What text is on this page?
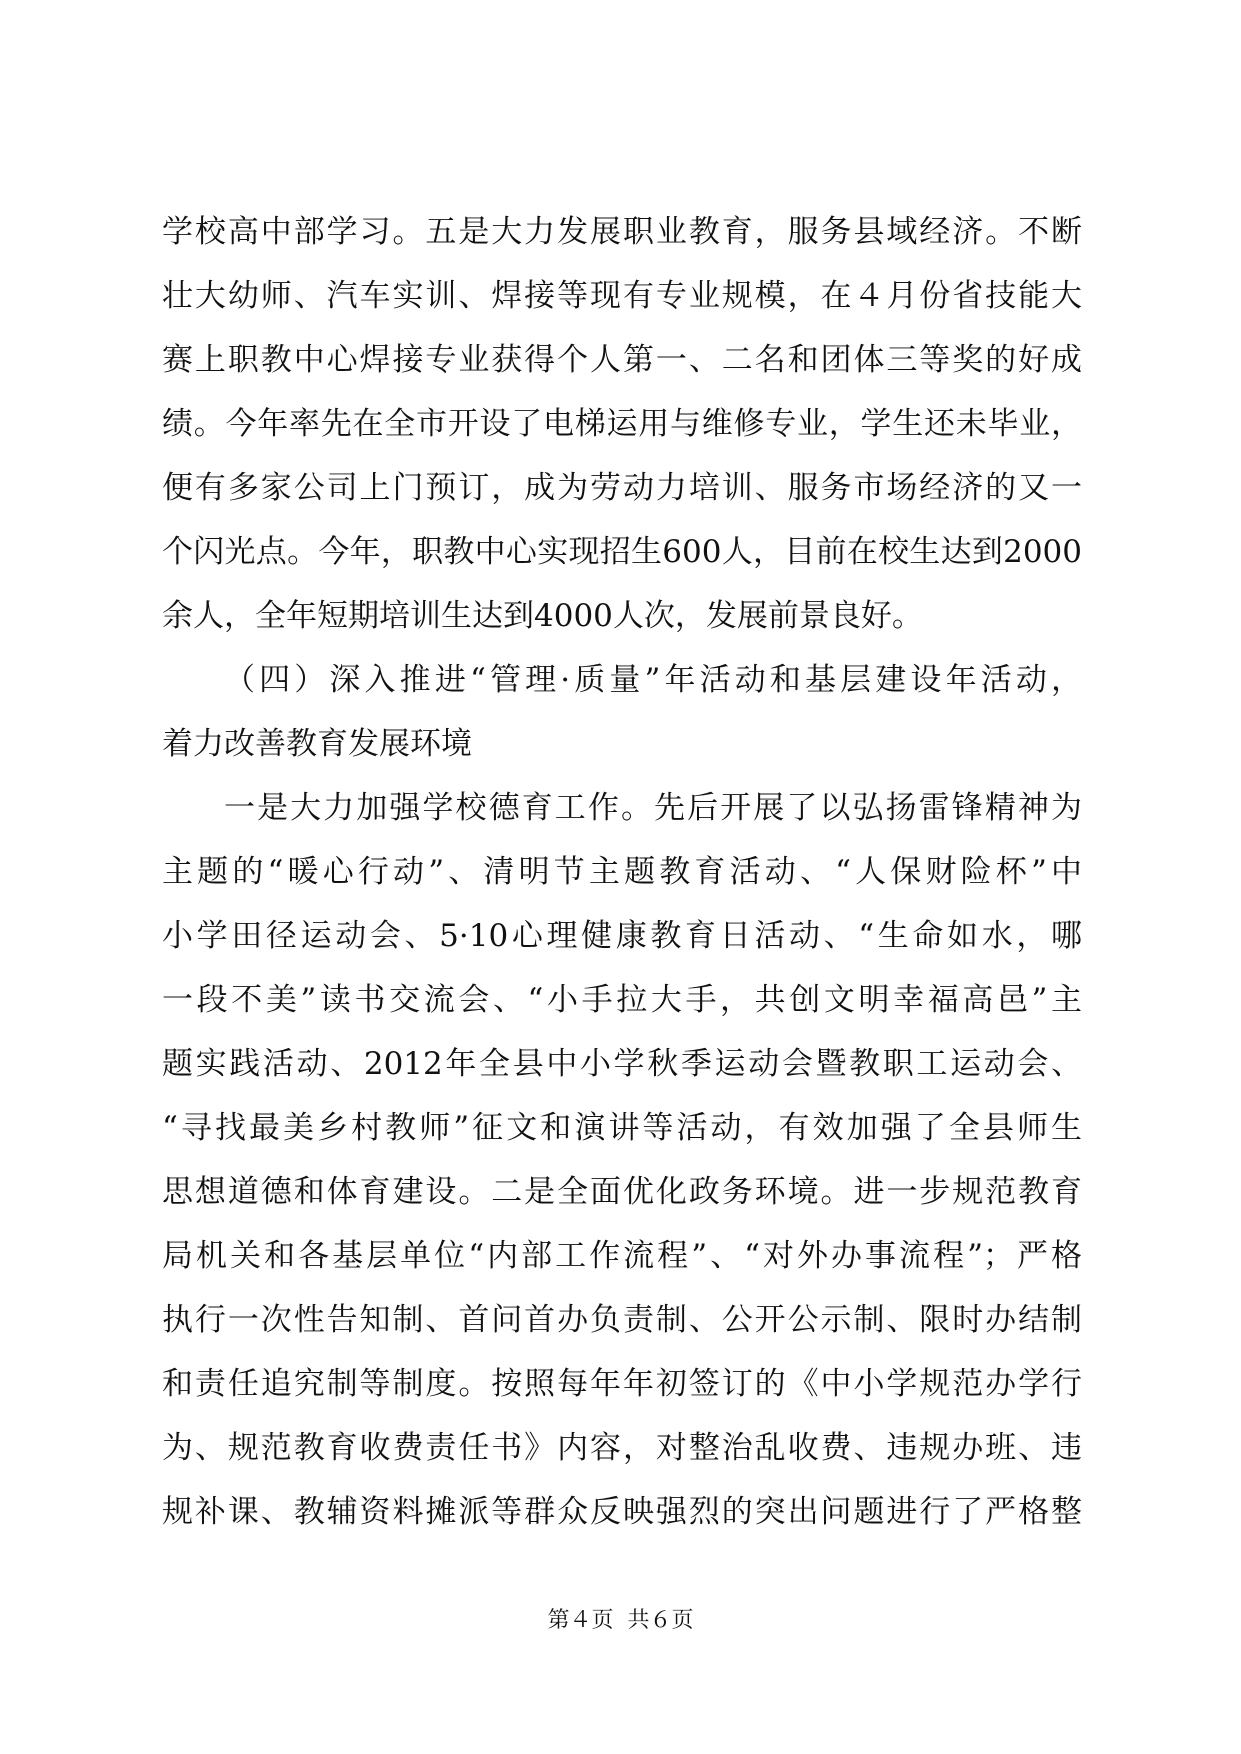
学校高中部学习。五是大力发展职业教育，服务县域经济。不断
壮大幼师、汽车实训、焊接等现有专业规模，在４月份省技能大
赛上职教中心焊接专业获得个人第一、二名和团体三等奖的好成
绩。今年率先在全市开设了电梯运用与维修专业，学生还未毕业，
便有多家公司上门预订，成为劳动力培训、服务市场经济的又一
个闪光点。今年，职教中心实现招生600人，目前在校生达到2000
余人，全年短期培训生达到4000人次，发展前景良好。
（四）深入推进“管理·质量”年活动和基层建设年活动，
着力改善教育发展环境
一是大力加强学校德育工作。先后开展了以弘扬雷锋精神为
主题的“暖心行动”、清明节主题教育活动、“人保财险杯”中
小学田径运动会、5·10心理健康教育日活动、“生命如水，哪
一段不美”读书交流会、“小手拉大手，共创文明幸福高邑”主
题实践活动、2012年全县中小学秋季运动会暨教职工运动会、
“寻找最美乡村教师”征文和演讲等活动，有效加强了全县师生
思想道德和体育建设。二是全面优化政务环境。进一步规范教育
局机关和各基层单位“内部工作流程”、“对外办事流程”；严格
执行一次性告知制、首问首办负责制、公开公示制、限时办结制
和责任追究制等制度。按照每年年初签订的《中小学规范办学行
为、规范教育收费责任书》内容，对整治乱收费、违规办班、违
规补课、教辅资料摊派等群众反映强烈的突出问题进行了严格整
第４页  共６页
